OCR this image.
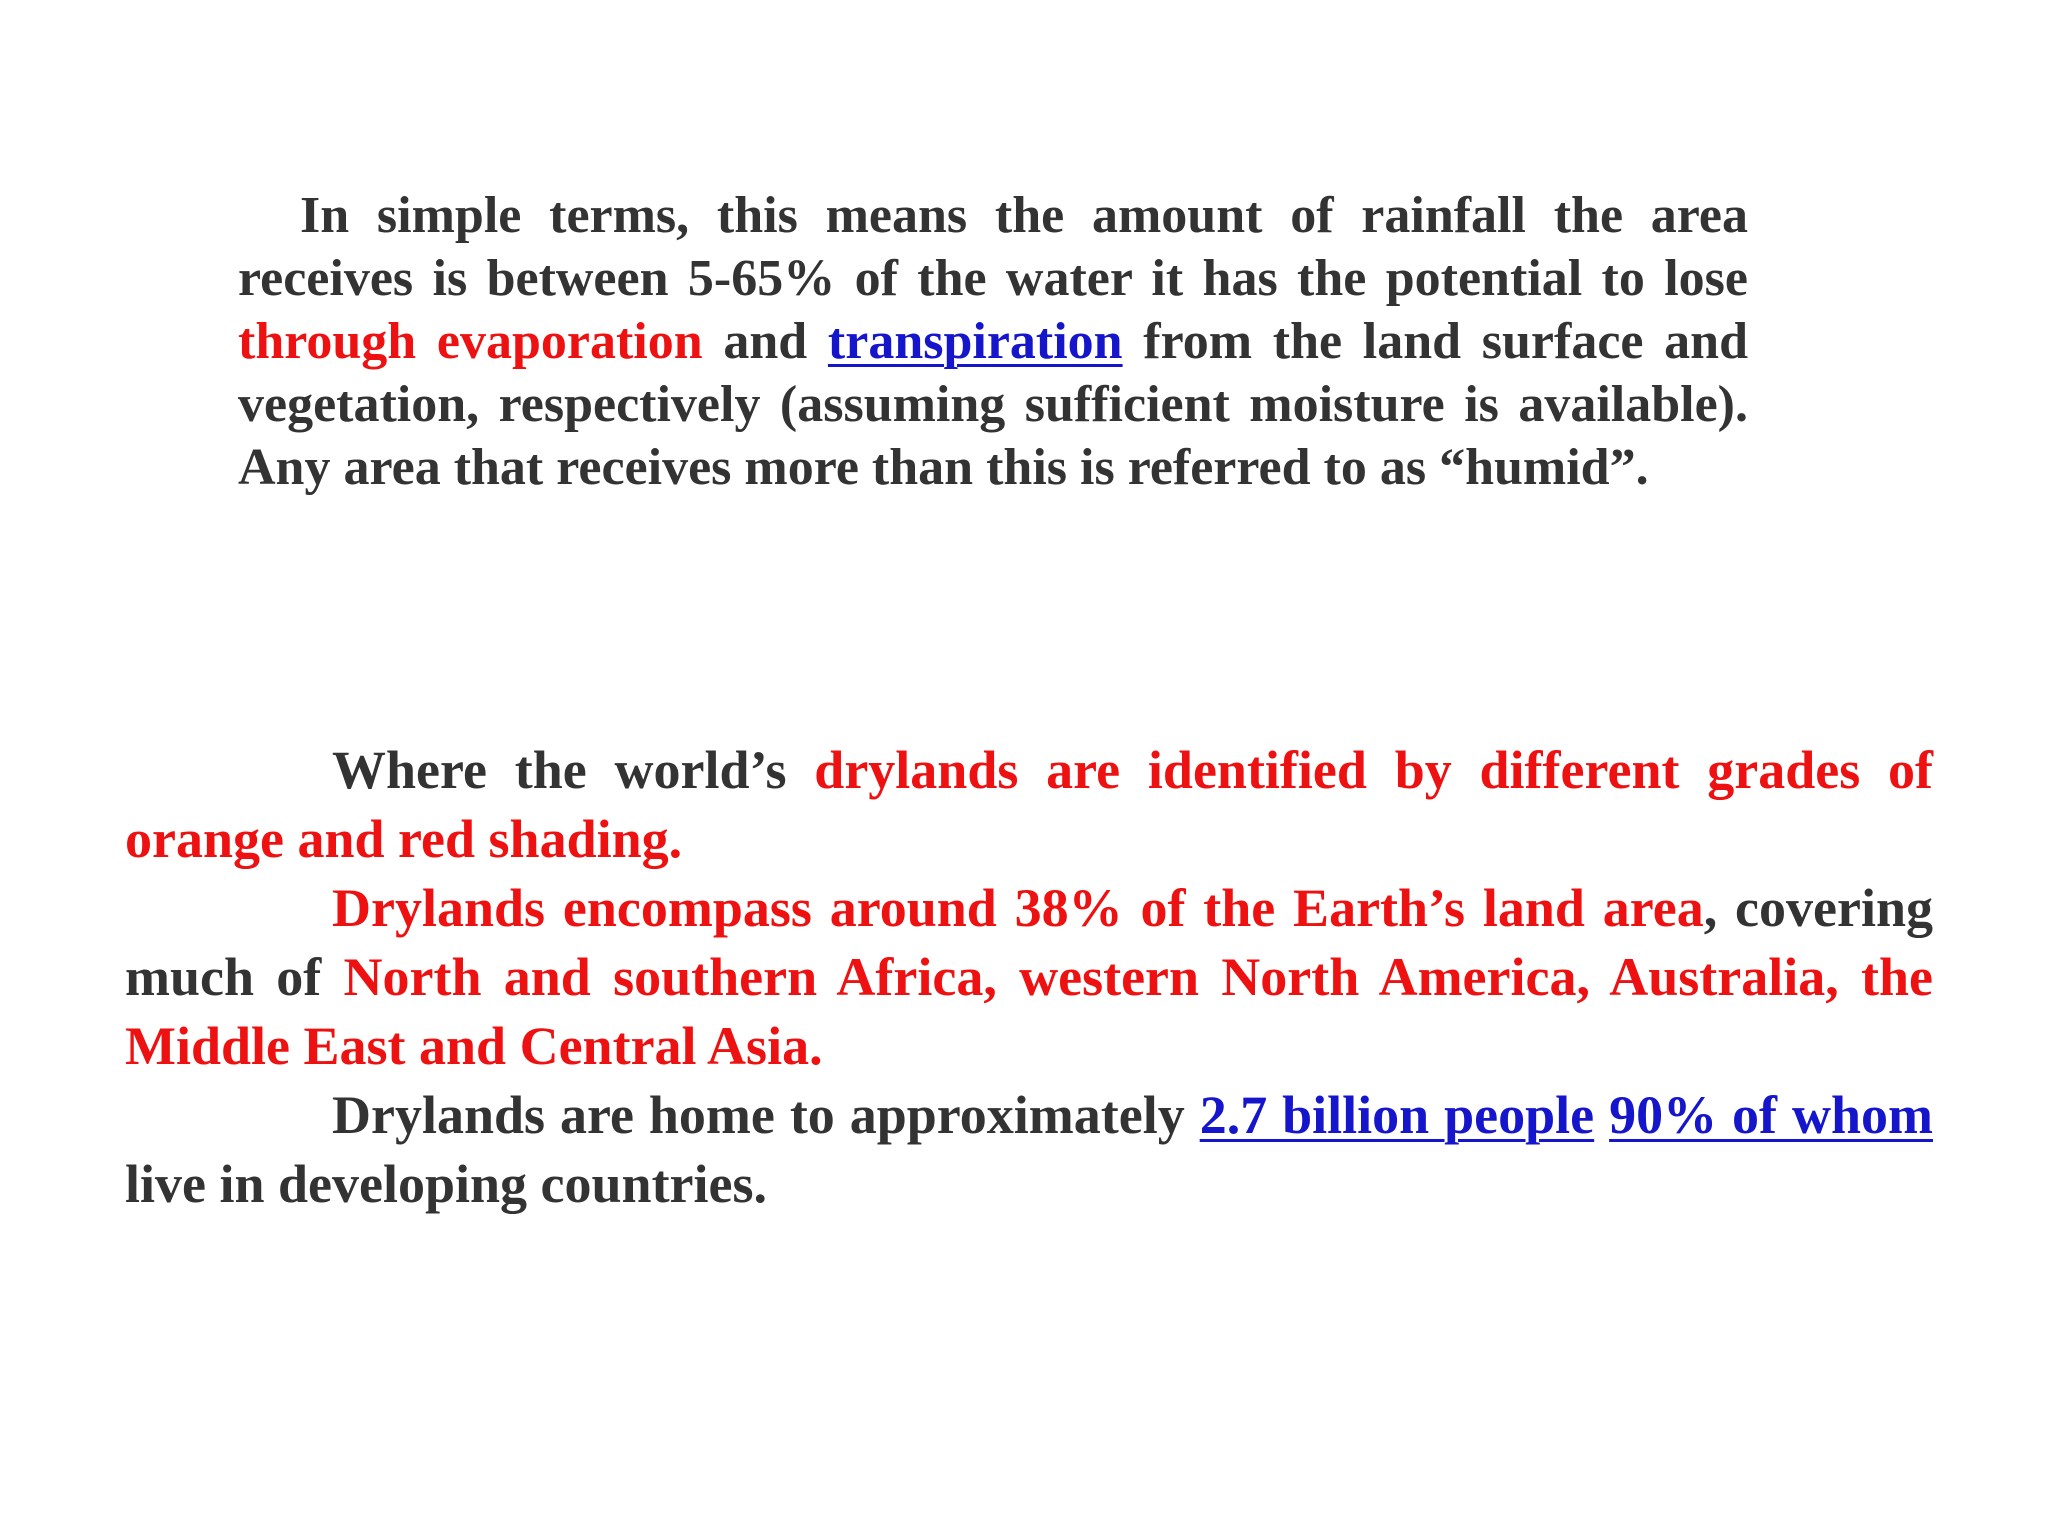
In simple terms, this means the amount of rainfall the area receives is between 5-65% of the water it has the potential to lose through evaporation and transpiration from the land surface and vegetation, respectively (assuming sufficient moisture is available). Any area that receives more than this is referred to as “humid”.

Where the world’s drylands are identified by different grades of orange and red shading.

Drylands encompass around 38% of the Earth’s land area, covering much of North and southern Africa, western North America, Australia, the Middle East and Central Asia.

Drylands are home to approximately 2.7 billion people 90% of whom live in developing countries.
